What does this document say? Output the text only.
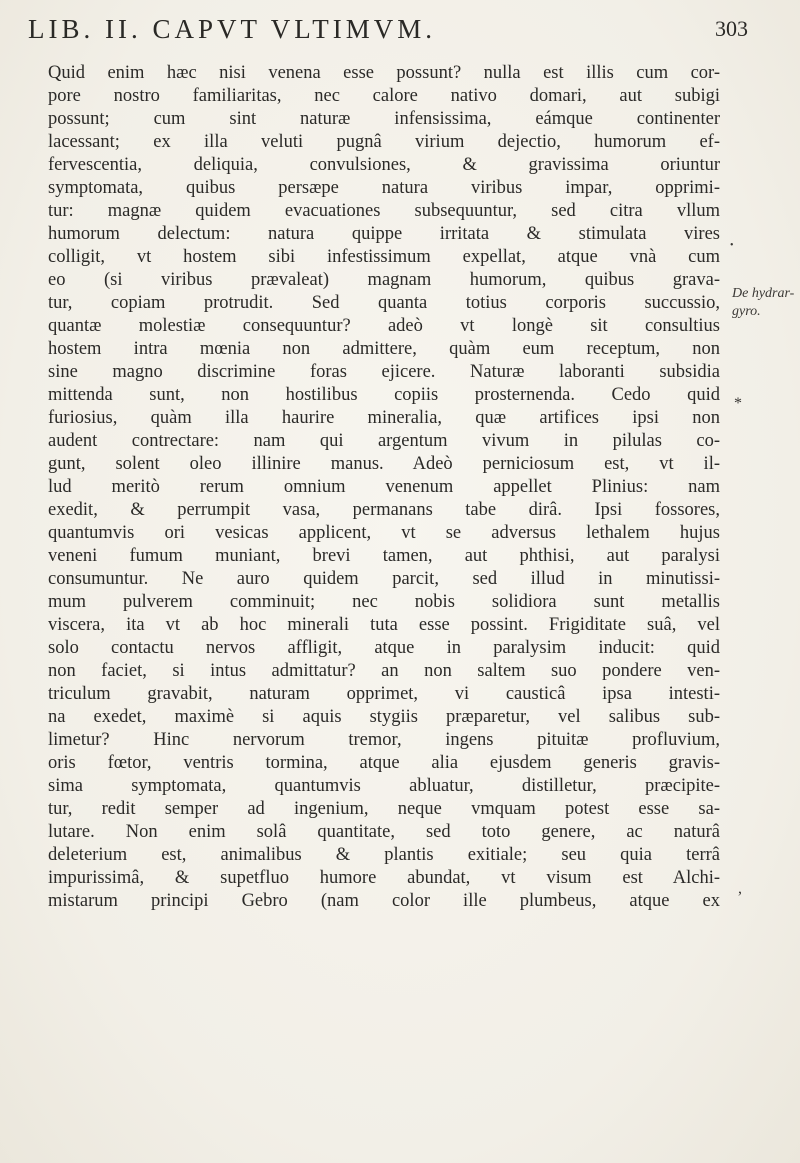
LIB. II. CAPVT VLTIMVM.	303
Quid enim hæc nisi venena esse possunt? nulla est illis cum cor-
pore nostro familiaritas, nec calore nativo domari, aut subigi
possunt; cum sint naturæ infensissima, eámque continenter
lacessant; ex illa veluti pugnâ virium dejectio, humorum ef-
fervescentia, deliquia, convulsiones, & gravissima oriuntur
symptomata, quibus persæpe natura viribus impar, opprimi-
tur: magnæ quidem evacuationes subsequuntur, sed citra vllum
humorum delectum: natura quippe irritata & stimulata vires
colligit, vt hostem sibi infestissimum expellat, atque vnà cum
eo (si viribus prævaleat) magnam humorum, quibus grava-
tur, copiam protrudit. Sed quanta totius corporis succussio,
quantæ molestiæ consequuntur? adeò vt longè sit consultius
hostem intra mœnia non admittere, quàm eum receptum, non
sine magno discrimine foras ejicere. Naturæ laboranti subsidia
mittenda sunt, non hostilibus copiis prosternenda. Cedo quid
furiosius, quàm illa haurire mineralia, quæ artifices ipsi non
audent contrectare: nam qui argentum vivum in pilulas co-
gunt, solent oleo illinire manus. Adeò perniciosum est, vt il-
lud meritò rerum omnium venenum appellet Plinius: nam
exedit, & perrumpit vasa, permanans tabe dirâ. Ipsi fossores,
quantumvis ori vesicas applicent, vt se adversus lethalem hujus
veneni fumum muniant, brevi tamen, aut phthisi, aut paralysi
consumuntur. Ne auro quidem parcit, sed illud in minutissi-
mum pulverem comminuit; nec nobis solidiora sunt metallis
viscera, ita vt ab hoc minerali tuta esse possint. Frigiditate suâ, vel
solo contactu nervos affligit, atque in paralysim inducit: quid
non faciet, si intus admittatur? an non saltem suo pondere ven-
triculum gravabit, naturam opprimet, vi causticâ ipsa intesti-
na exedet, maximè si aquis stygiis præparetur, vel salibus sub-
limetur? Hinc nervorum tremor, ingens pituitæ profluvium,
oris fœtor, ventris tormina, atque alia ejusdem generis gravis-
sima symptomata, quantumvis abluatur, distilletur, præcipite-
tur, redit semper ad ingenium, neque vmquam potest esse sa-
lutare. Non enim solâ quantitate, sed toto genere, ac naturâ
deleterium est, animalibus & plantis exitiale; seu quia terrâ
impurissimâ, & supetfluo humore abundat, vt visum est Alchi-
mistarum principi Gebro (nam color ille plumbeus, atque ex
De hydrar-
gyro.
*
•
,
